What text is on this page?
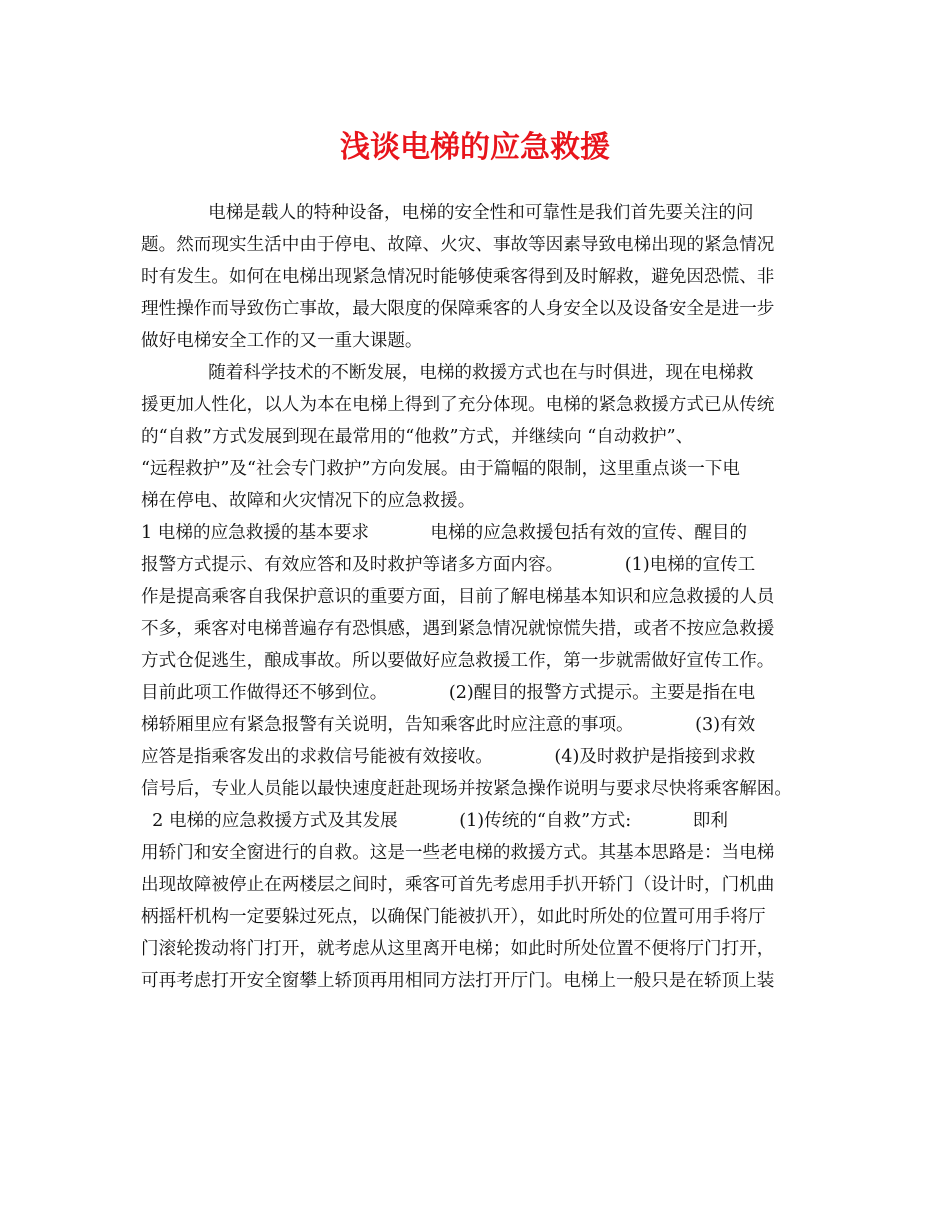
浅谈电梯的应急救援
电梯是载人的特种设备，电梯的安全性和可靠性是我们首先要关注的问
题。然而现实生活中由于停电、故障、火灾、事故等因素导致电梯出现的紧急情况
时有发生。如何在电梯出现紧急情况时能够使乘客得到及时解救，避免因恐慌、非
理性操作而导致伤亡事故，最大限度的保障乘客的人身安全以及设备安全是进一步
做好电梯安全工作的又一重大课题。
随着科学技术的不断发展，电梯的救援方式也在与时俱进，现在电梯救
援更加人性化，以人为本在电梯上得到了充分体现。电梯的紧急救援方式已从传统
的“自救”方式发展到现在最常用的“他救”方式，并继续向 “自动救护”、
“远程救护”及“社会专门救护”方向发展。由于篇幅的限制，这里重点谈一下电
梯在停电、故障和火灾情况下的应急救援。
1 电梯的应急救援的基本要求           电梯的应急救援包括有效的宣传、醒目的
报警方式提示、有效应答和及时救护等诸多方面内容。           (1)电梯的宣传工
作是提高乘客自我保护意识的重要方面，目前了解电梯基本知识和应急救援的人员
不多，乘客对电梯普遍存有恐惧感，遇到紧急情况就惊慌失措，或者不按应急救援
方式仓促逃生，酿成事故。所以要做好应急救援工作，第一步就需做好宣传工作。
目前此项工作做得还不够到位。           (2)醒目的报警方式提示。主要是指在电
梯轿厢里应有紧急报警有关说明，告知乘客此时应注意的事项。           (3)有效
应答是指乘客发出的求救信号能被有效接收。           (4)及时救护是指接到求救
信号后，专业人员能以最快速度赶赴现场并按紧急操作说明与要求尽快将乘客解困。
2 电梯的应急救援方式及其发展           (1)传统的“自救”方式:           即利
用轿门和安全窗进行的自救。这是一些老电梯的救援方式。其基本思路是：当电梯
出现故障被停止在两楼层之间时，乘客可首先考虑用手扒开轿门（设计时，门机曲
柄摇杆机构一定要躲过死点，以确保门能被扒开），如此时所处的位置可用手将厅
门滚轮拨动将门打开，就考虑从这里离开电梯；如此时所处位置不便将厅门打开，
可再考虑打开安全窗攀上轿顶再用相同方法打开厅门。电梯上一般只是在轿顶上装
